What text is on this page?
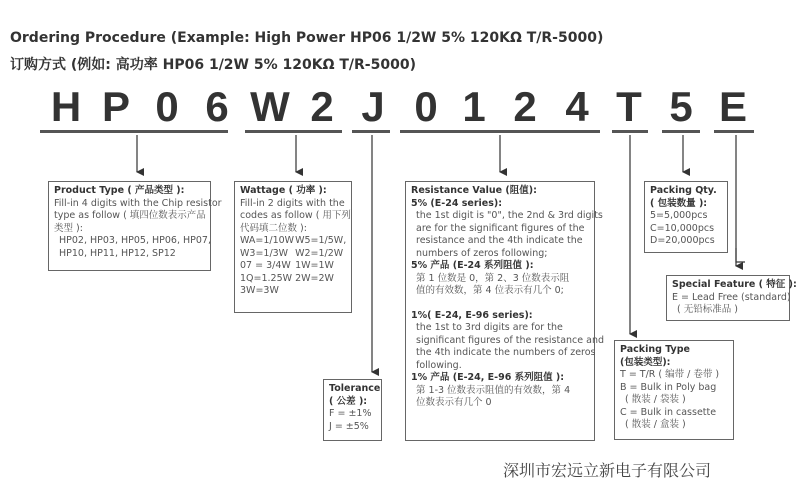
Ordering Procedure (Example: High Power HP06 1/2W 5% 120KΩ T/R-5000)
订购方式 (例如: 高功率 HP06 1/2W 5% 120KΩ T/R-5000)
H P 0 6 W 2 J 0 1 2 4 T 5 E
Product Type ( 产品类型 ):
Fill-in 4 digits with the Chip resistor
type as follow ( 填四位数表示产品
类型 ):
HP02, HP03, HP05, HP06, HP07,
HP10, HP11, HP12, SP12
Wattage ( 功率 ):
Fill-in 2 digits with the
codes as follow ( 用下列
代码填二位数 ):
WA=1/10W W5=1/5W,
W3=1/3W W2=1/2W
07 = 3/4W 1W=1W
1Q=1.25W 2W=2W
3W=3W
Tolerance
( 公差 ):
F = ±1%
J = ±5%
Resistance Value (阻值):
5% (E-24 series):
the 1st digit is "0", the 2nd & 3rd digits
are for the significant figures of the
resistance and the 4th indicate the
numbers of zeros following;
5% 产品 (E-24 系列阻值 ):
第 1 位数是 0，第 2、3 位数表示阻
值的有效数，第 4 位表示有几个 0;
1%( E-24, E-96 series):
the 1st to 3rd digits are for the
significant figures of the resistance and
the 4th indicate the numbers of zeros
following.
1% 产品 (E-24, E-96 系列阻值 ):
第 1-3 位数表示阻值的有效数，第 4
位数表示有几个 0
Packing Qty.
( 包装数量 ):
5=5,000pcs
C=10,000pcs
D=20,000pcs
Special Feature ( 特征 ):
E = Lead Free (standard)
( 无铅标准品 )
Packing Type
(包装类型):
T = T/R ( 编带 / 卷带 )
B = Bulk in Poly bag
( 散装 / 袋装 )
C = Bulk in cassette
( 散装 / 盒装 )
深圳市宏远立新电子有限公司
